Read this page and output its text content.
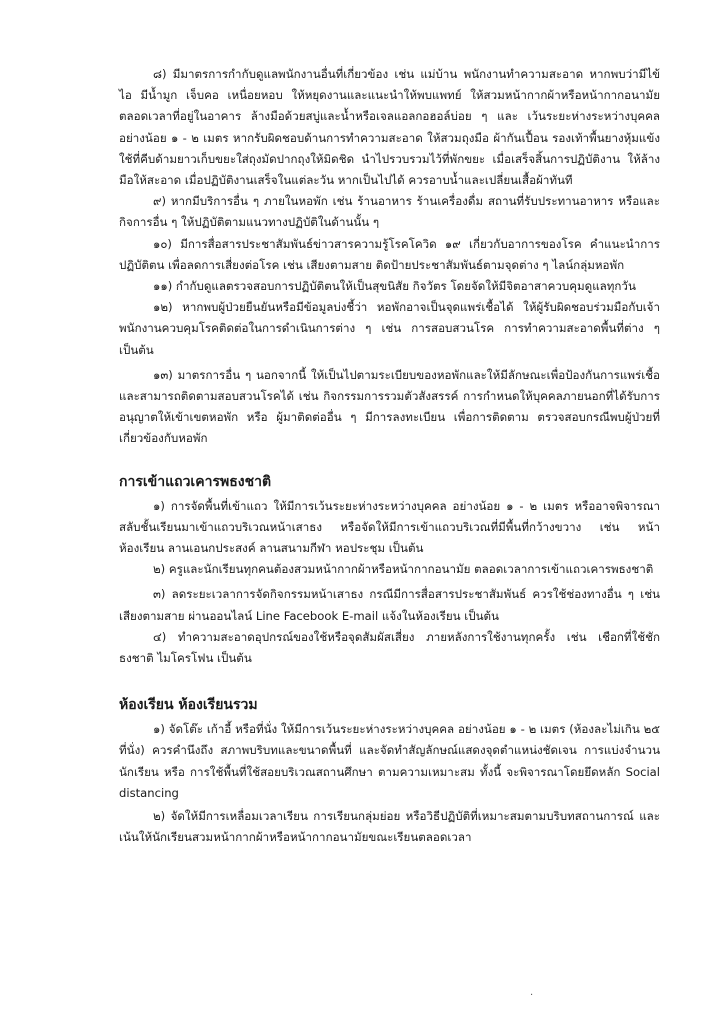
๘) มีมาตรการกำกับดูแลพนักงานอื่นที่เกี่ยวข้อง เช่น แม่บ้าน พนักงานทำความสะอาด หากพบว่ามีไข้ ไอ มีน้ำมูก เจ็บคอ เหนื่อยหอบ ให้หยุดงานและแนะนำให้พบแพทย์ ให้สวมหน้ากากผ้าหรือหน้ากากอนามัย ตลอดเวลาที่อยู่ในอาคาร ล้างมือด้วยสบู่และน้ำหรือเจลแอลกอฮอล์บ่อย ๆ และ เว้นระยะห่างระหว่างบุคคล อย่างน้อย ๑ - ๒ เมตร หากรับผิดชอบด้านการทำความสะอาด ให้สวมถุงมือ ผ้ากันเปื้อน รองเท้าพื้นยางหุ้มแข้ง ใช้ที่คีบด้ามยาวเก็บขยะใส่ถุงมัดปากถุงให้มิดชิด นำไปรวบรวมไว้ที่พักขยะ เมื่อเสร็จสิ้นการปฏิบัติงาน ให้ล้างมือให้สะอาด เมื่อปฏิบัติงานเสร็จในแต่ละวัน หากเป็นไปได้ ควรอาบน้ำและเปลี่ยนเสื้อผ้าทันที

๙) หากมีบริการอื่น ๆ ภายในหอพัก เช่น ร้านอาหาร ร้านเครื่องดื่ม สถานที่รับประทานอาหาร หรือและกิจการอื่น ๆ ให้ปฏิบัติตามแนวทางปฏิบัติในด้านนั้น ๆ

๑๐) มีการสื่อสารประชาสัมพันธ์ข่าวสารความรู้โรคโควิด ๑๙ เกี่ยวกับอาการของโรค คำแนะนำการปฏิบัติตน เพื่อลดการเสี่ยงต่อโรค เช่น เสียงตามสาย ติดป้ายประชาสัมพันธ์ตามจุดต่าง ๆ ไลน์กลุ่มหอพัก

๑๑) กำกับดูแลตรวจสอบการปฏิบัติตนให้เป็นสุขนิสัย กิจวัตร โดยจัดให้มีจิตอาสาควบคุมดูแลทุกวัน

๑๒) หากพบผู้ป่วยยืนยันหรือมีข้อมูลบ่งชี้ว่า หอพักอาจเป็นจุดแพร่เชื้อได้ ให้ผู้รับผิดชอบร่วมมือกับเจ้าพนักงานควบคุมโรคติดต่อในการดำเนินการต่าง ๆ เช่น การสอบสวนโรค การทำความสะอาดพื้นที่ต่าง ๆ เป็นต้น

๑๓) มาตรการอื่น ๆ นอกจากนี้ ให้เป็นไปตามระเบียบของหอพักและให้มีลักษณะเพื่อป้องกันการแพร่เชื้อ และสามารถติดตามสอบสวนโรคได้ เช่น กิจกรรมการรวมตัวสังสรรค์ การกำหนดให้บุคคลภายนอกที่ได้รับการอนุญาตให้เข้าเขตหอพัก หรือ ผู้มาติดต่ออื่น ๆ มีการลงทะเบียน เพื่อการติดตาม ตรวจสอบกรณีพบผู้ป่วยที่เกี่ยวข้องกับหอพัก

การเข้าแถวเคารพธงชาติ

๑) การจัดพื้นที่เข้าแถว ให้มีการเว้นระยะห่างระหว่างบุคคล อย่างน้อย ๑ - ๒ เมตร หรืออาจพิจารณาสลับชั้นเรียนมาเข้าแถวบริเวณหน้าเสาธง หรือจัดให้มีการเข้าแถวบริเวณที่มีพื้นที่กว้างขวาง เช่น หน้าห้องเรียน ลานเอนกประสงค์ ลานสนามกีฬา หอประชุม เป็นต้น

๒) ครูและนักเรียนทุกคนต้องสวมหน้ากากผ้าหรือหน้ากากอนามัย ตลอดเวลาการเข้าแถวเคารพธงชาติ

๓) ลดระยะเวลาการจัดกิจกรรมหน้าเสาธง กรณีมีการสื่อสารประชาสัมพันธ์ ควรใช้ช่องทางอื่น ๆ เช่น เสียงตามสาย ผ่านออนไลน์ Line Facebook E-mail แจ้งในห้องเรียน เป็นต้น

๔) ทำความสะอาดอุปกรณ์ของใช้หรือจุดสัมผัสเสี่ยง ภายหลังการใช้งานทุกครั้ง เช่น เชือกที่ใช้ชักธงชาติ ไมโครโฟน เป็นต้น

ห้องเรียน ห้องเรียนรวม

๑) จัดโต๊ะ เก้าอี้ หรือที่นั่ง ให้มีการเว้นระยะห่างระหว่างบุคคล อย่างน้อย ๑ - ๒ เมตร (ห้องละไม่เกิน ๒๕ ที่นั่ง) ควรคำนึงถึง สภาพบริบทและขนาดพื้นที่ และจัดทำสัญลักษณ์แสดงจุดตำแหน่งชัดเจน การแบ่งจำนวนนักเรียน หรือ การใช้พื้นที่ใช้สอยบริเวณสถานศึกษา ตามความเหมาะสม ทั้งนี้ จะพิจารณาโดยยึดหลัก Social distancing

๒) จัดให้มีการเหลื่อมเวลาเรียน การเรียนกลุ่มย่อย หรือวิธีปฏิบัติที่เหมาะสมตามบริบทสถานการณ์ และเน้นให้นักเรียนสวมหน้ากากผ้าหรือหน้ากากอนามัยขณะเรียนตลอดเวลา

·
